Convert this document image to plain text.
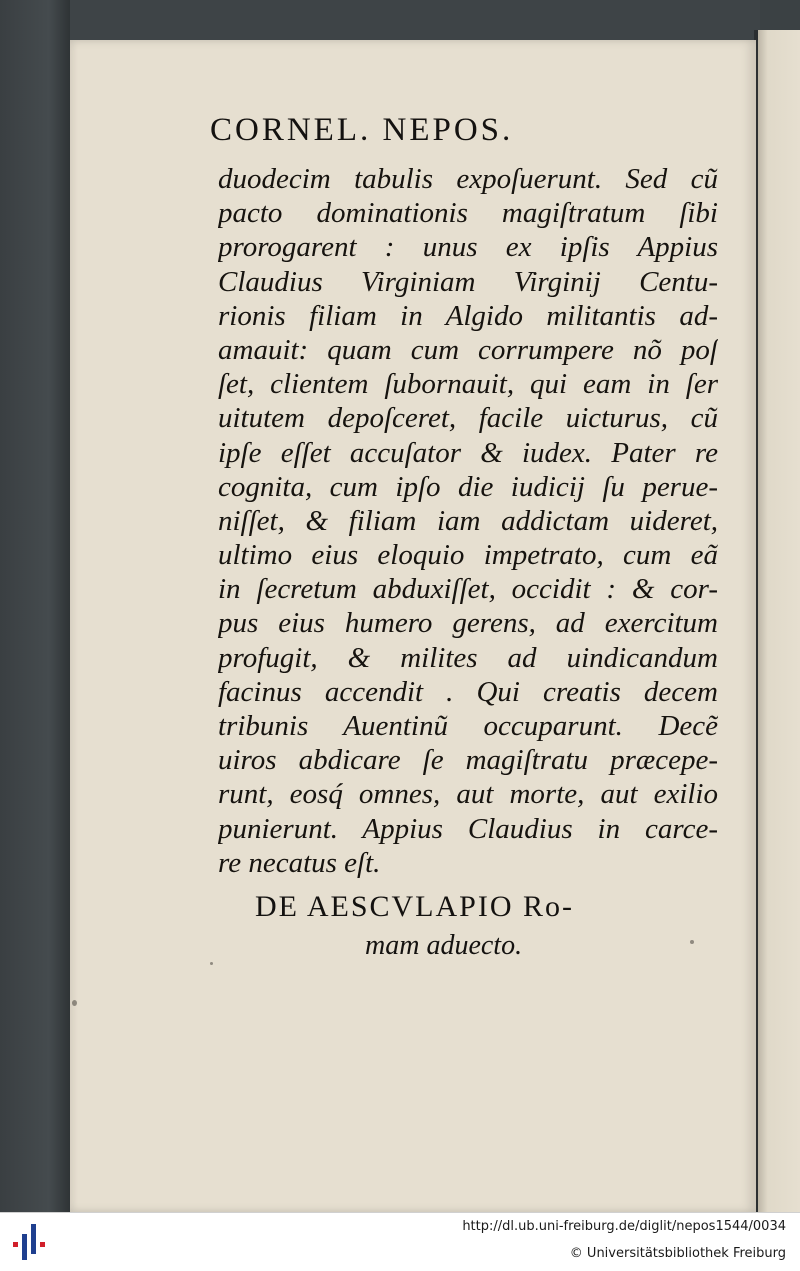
CORNEL. NEPOS.
duodecim tabulis expoſuerunt. Sed cũ
pacto dominationis magiſtratum ſibi
prorogarent : unus ex ipſis Appius
Claudius Virginiam Virginij Centu-
rionis filiam in Algido militantis ad-
amauit: quam cum corrumpere nõ poſ
ſet, clientem ſubornauit, qui eam in ſer
uitutem depoſceret, facile uicturus, cũ
ipſe eſſet accuſator & iudex. Pater re
cognita, cum ipſo die iudicij ſu perue-
niſſet, & filiam iam addictam uideret,
ultimo eius eloquio impetrato, cum eã
in ſecretum abduxiſſet, occidit : & cor-
pus eius humero gerens, ad exercitum
profugit, & milites ad uindicandum
facinus accendit . Qui creatis decem
tribunis Auentinũ occuparunt. Decẽ
uiros abdicare ſe magiſtratu præcepe-
runt, eosq́ omnes, aut morte, aut exilio
punierunt. Appius Claudius in carce-
re necatus eſt.
DE AESCVLAPIO Ro-
mam aduecto.
http://dl.ub.uni-freiburg.de/diglit/nepos1544/0034
© Universitätsbibliothek Freiburg
